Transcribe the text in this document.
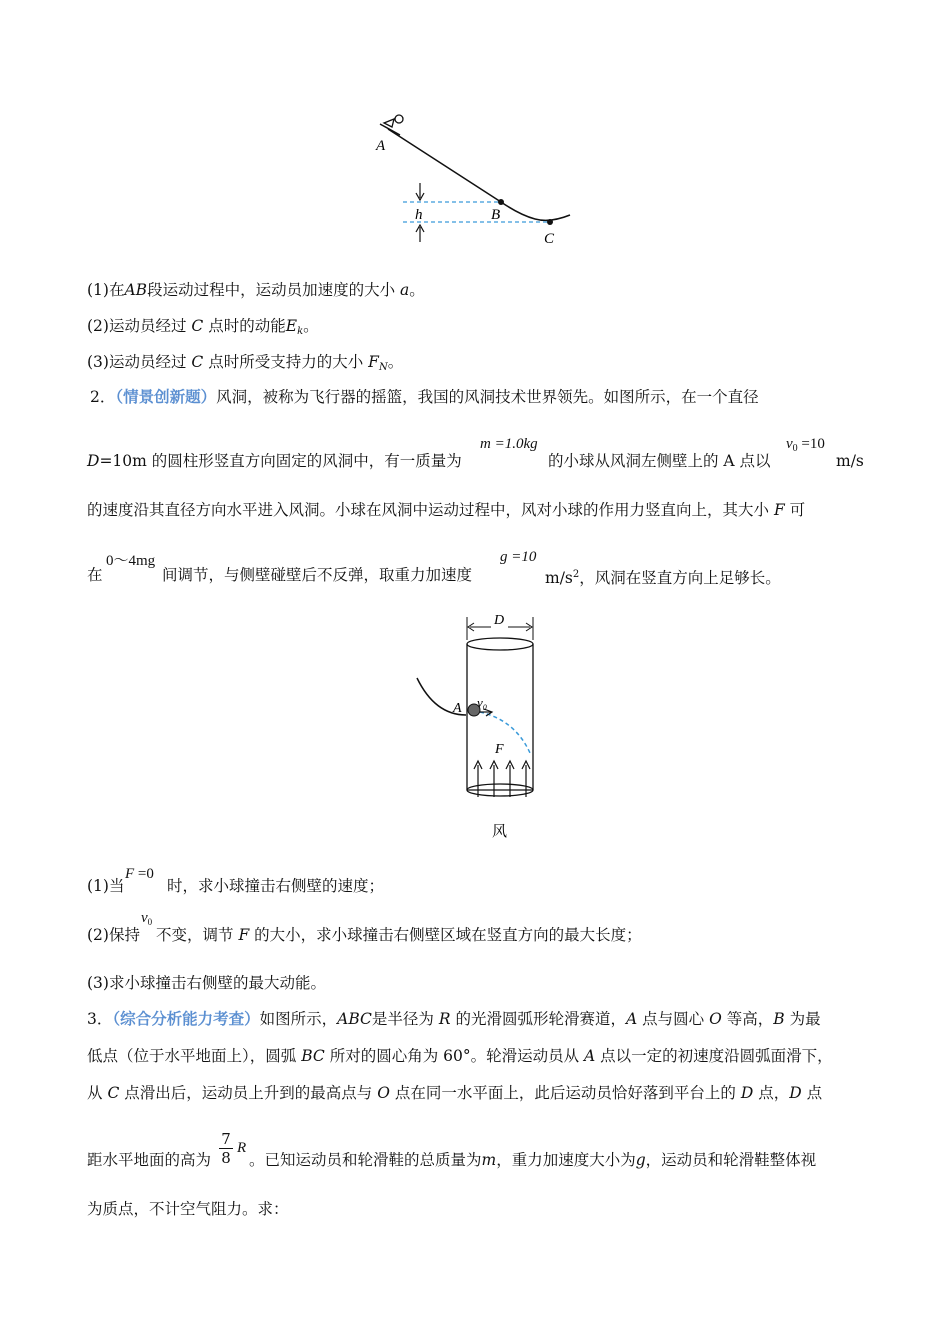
A
h	B
C
(1)在AB段运动过程中，运动员加速度的大小 a。
(2)运动员经过 C 点时的动能$E_k$。
(3)运动员经过 C 点时所受支持力的大小 $F_N$。
2．（情景创新题）风洞，被称为飞行器的摇篮，我国的风洞技术世界领先。如图所示，在一个直径
D=10m 的圆柱形竖直方向固定的风洞中，有一质量为
m =1.0kg
的小球从风洞左侧壁上的 A 点以
$v_0 =10$
m/s
的速度沿其直径方向水平进入风洞。小球在风洞中运动过程中，风对小球的作用力竖直向上，其大小 F 可
在
0～4mg
间调节，与侧壁碰壁后不反弹，取重力加速度
g =10
$m/s^2$，风洞在竖直方向上足够长。
D
A $v_0$
F
风
(1)当
F =0
时，求小球撞击右侧壁的速度；
(2)保持
$v_0$
不变，调节 F 的大小，求小球撞击右侧壁区域在竖直方向的最大长度；
(3)求小球撞击右侧壁的最大动能。
3．（综合分析能力考查）如图所示，ABC是半径为 R 的光滑圆弧形轮滑赛道，A 点与圆心 O 等高，B 为最
低点（位于水平地面上），圆弧 BC 所对的圆心角为 60°。轮滑运动员从 A 点以一定的初速度沿圆弧面滑下，
从 C 点滑出后，运动员上升到的最高点与 O 点在同一水平面上，此后运动员恰好落到平台上的 D 点，D 点
距水平地面的高为 $\frac{7}{8}$ R
。已知运动员和轮滑鞋的总质量为m，重力加速度大小为g，运动员和轮滑鞋整体视
为质点，不计空气阻力。求：
